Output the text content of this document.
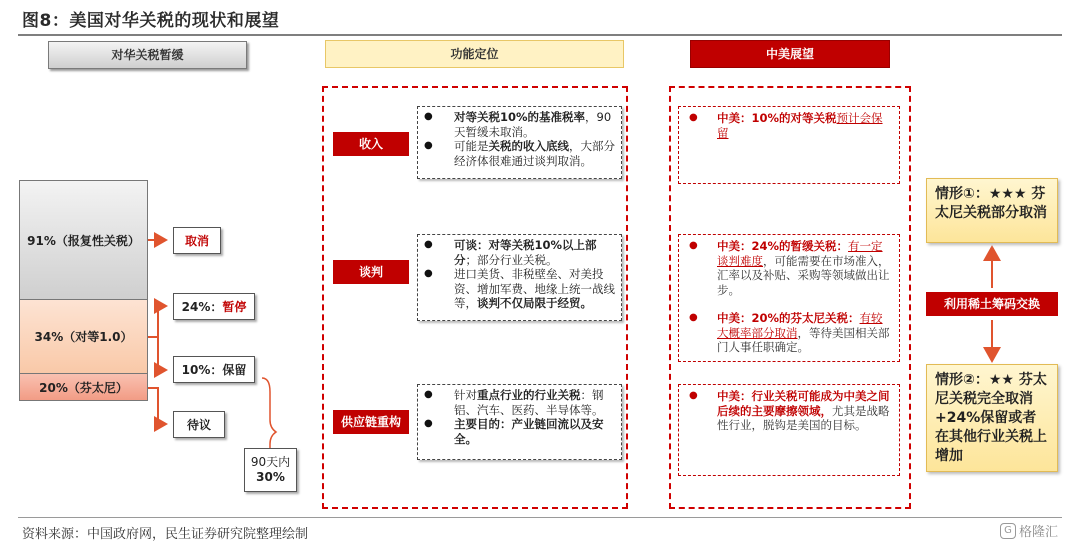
图8：美国对华关税的现状和展望
对华关税暂缓	功能定位	中美展望
91%（报复性关税）
34%（对等1.0）
20%（芬太尼）
取消
24%： 暂停
10%：保留
待议
90天内
30%
收入
● 对等关税10%的基准税率，90天暂缓未取消。
● 可能是关税的收入底线，大部分经济体很难通过谈判取消。
谈判
● 可谈：对等关税10%以上部分；部分行业关税。
● 进口美货、非税壁垒、对美投资、增加军费、地缘上统一战线等，谈判不仅局限于经贸。
供应链重构
● 针对重点行业的行业关税：钢铝、汽车、医药、半导体等。
● 主要目的：产业链回流以及安全。
● 中美：10%的对等关税预计会保留
● 中美：24%的暂缓关税：有一定谈判难度，可能需要在市场准入，汇率以及补贴、采购等领域做出让步。
● 中美：20%的芬太尼关税：有较大概率部分取消，等待美国相关部门人事任职确定。
● 中美：行业关税可能成为中美之间后续的主要摩擦领域，尤其是战略性行业，脱钩是美国的目标。
情形①：★★★ 芬太尼关税部分取消
利用稀土筹码交换
情形②：★★ 芬太尼关税完全取消+24%保留或者在其他行业关税上增加
资料来源：中国政府网，民生证券研究院整理绘制	G 格隆汇
